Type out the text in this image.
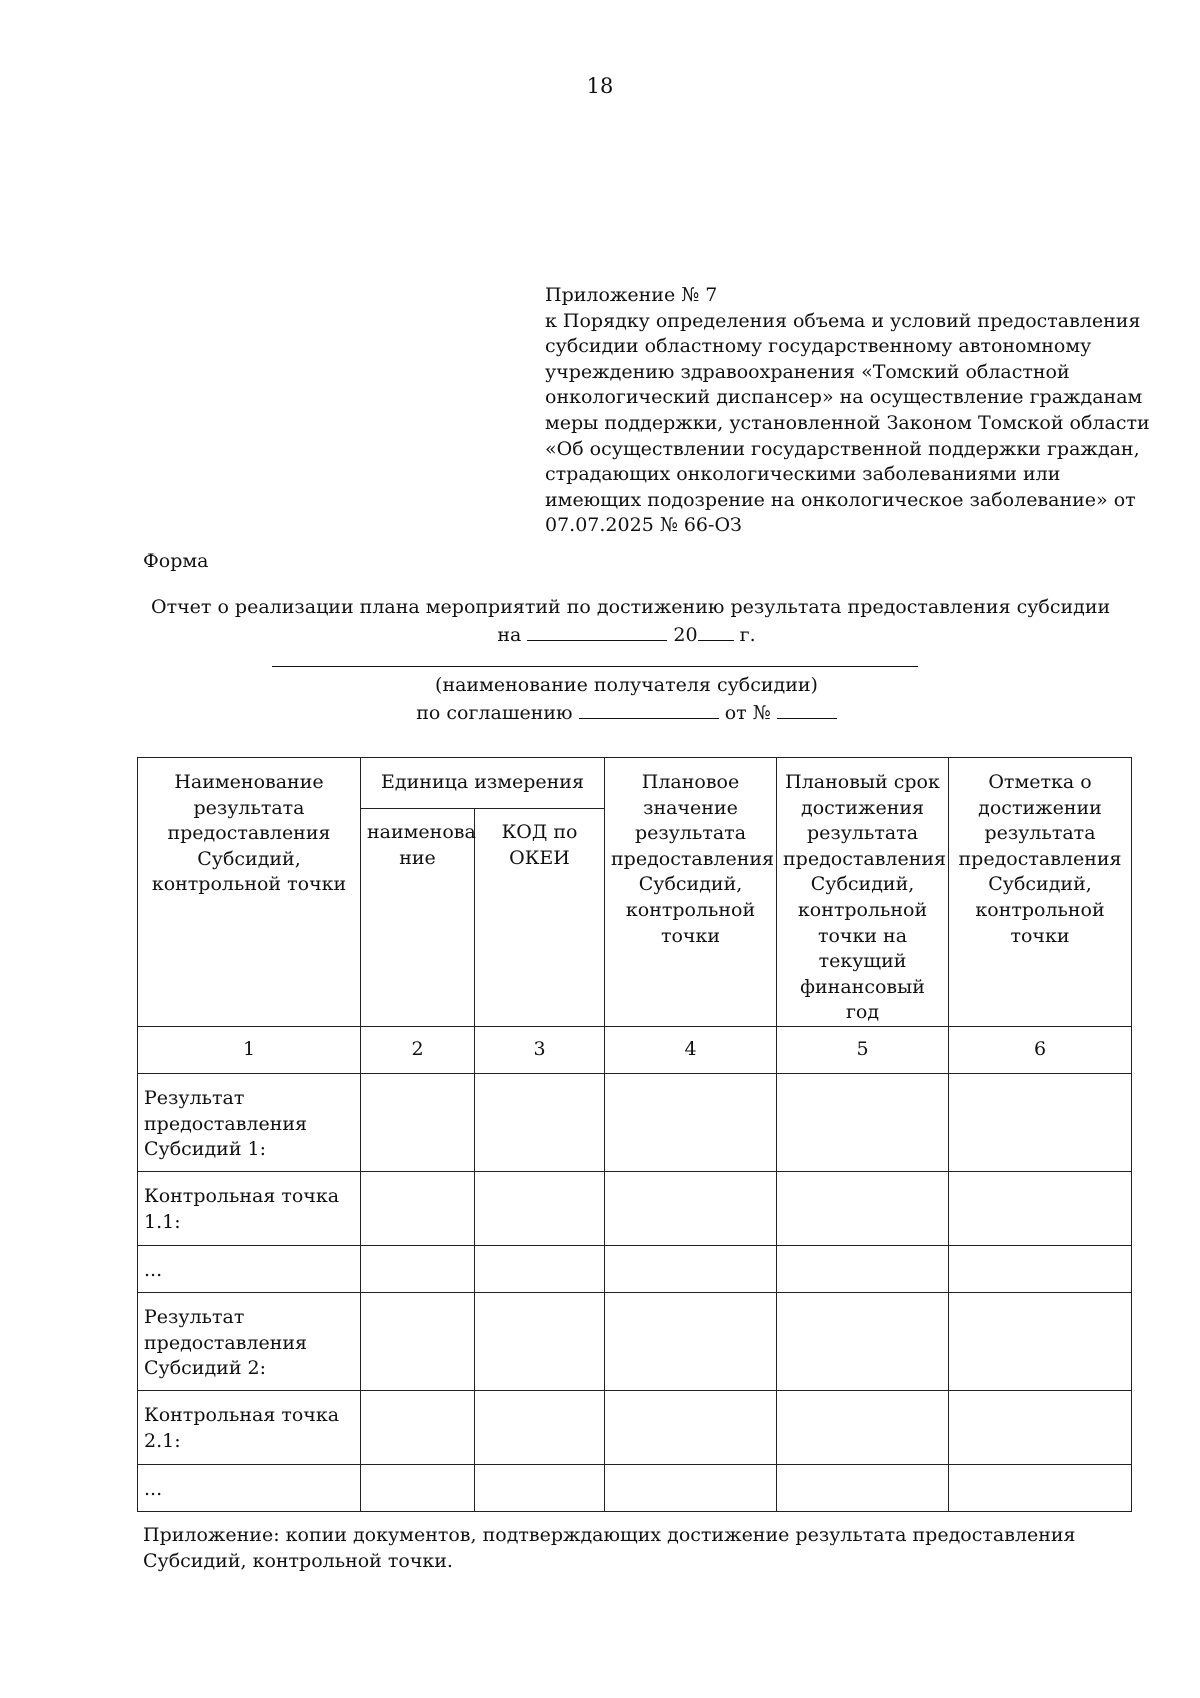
18
Приложение № 7
к Порядку определения объема и условий предоставления
субсидии областному государственному автономному
учреждению здравоохранения «Томский областной
онкологический диспансер» на осуществление гражданам
меры поддержки, установленной Законом Томской области
«Об осуществлении государственной поддержки граждан,
страдающих онкологическими заболеваниями или
имеющих подозрение на онкологическое заболевание» от
07.07.2025 № 66-ОЗ
Форма
Отчет о реализации плана мероприятий по достижению результата предоставления субсидии
на	20 г.
(наименование получателя субсидии)
по соглашению	от №
Наименование результата предоставления Субсидий, контрольной точки	Единица измерения		Плановое значение результата предоставления Субсидий, контрольной точки	Плановый срок достижения результата предоставления Субсидий, контрольной точки на текущий финансовый год	Отметка о достижении результата предоставления Субсидий, контрольной точки
	наименова ние	КОД по ОКЕИ			
1	2	3	4	5	6
Результат предоставления Субсидий 1:					
Контрольная точка 1.1:					
...					
Результат предоставления Субсидий 2:					
Контрольная точка 2.1:					
...					
Приложение: копии документов, подтверждающих достижение результата предоставления Субсидий, контрольной точки.
